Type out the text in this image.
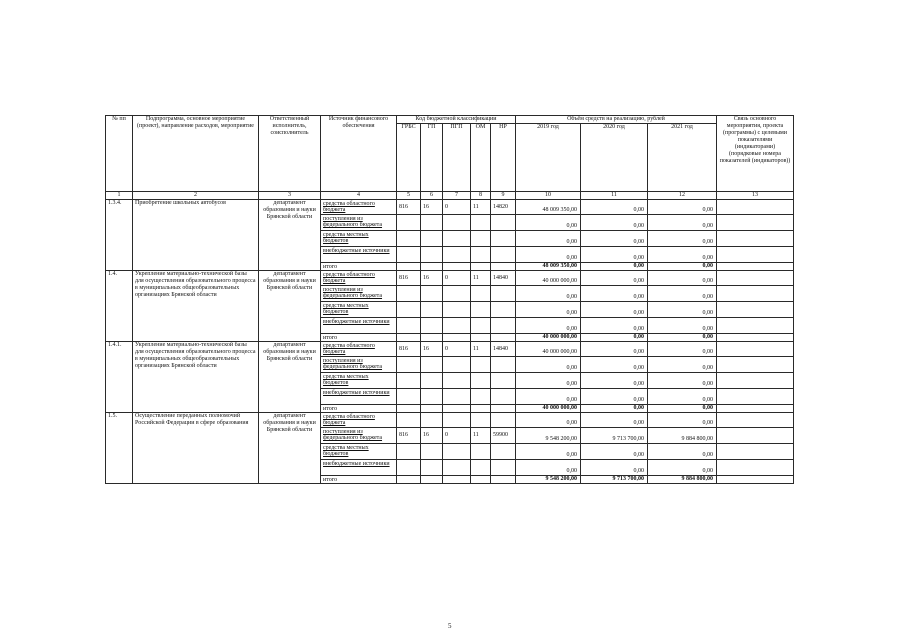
№ пп	Подпрограмма, основное мероприятие (проект), направление расходов, мероприятие	Ответственный исполнитель, соисполнитель	Источник финансового обеспечения	Код бюджетной классификации					Объём средств на реализацию, рублей			Связь основного мероприятия, проекта (программы) с целевыми показателями (индикаторами) (порядковые номера показателей (индикаторов))
				ГРБС	ГП	ПГП	ОМ	НР	2019 год	2020 год	2021 год	
1	2	3	4	5	6	7	8	9	10	11	12	13
1.3.4.	Приобретение школьных автобусов	департамент образования и науки Брянской области	средства областного бюджета	816	16	0	11	14820	48 009 350,00	0,00	0,00	
			поступления из федерального бюджета						0,00	0,00	0,00	
			средства местных бюджетов						0,00	0,00	0,00	
			внебюджетные источники						0,00	0,00	0,00	
			итого						48 009 350,00	0,00	0,00	
1.4.	Укрепление материально-технической базы для осуществления образовательного процесса в муниципальных общеобразовательных организациях Брянской области	департамент образования и науки Брянской области	средства областного бюджета	816	16	0	11	14840	40 000 000,00	0,00	0,00	
			поступления из федерального бюджета						0,00	0,00	0,00	
			средства местных бюджетов						0,00	0,00	0,00	
			внебюджетные источники						0,00	0,00	0,00	
			итого						40 000 000,00	0,00	0,00	
1.4.1.	Укрепление материально-технической базы для осуществления образовательного процесса в муниципальных общеобразовательных организациях Брянской области	департамент образования и науки Брянской области	средства областного бюджета	816	16	0	11	14840	40 000 000,00	0,00	0,00	
			поступления из федерального бюджета						0,00	0,00	0,00	
			средства местных бюджетов						0,00	0,00	0,00	
			внебюджетные источники						0,00	0,00	0,00	
			итого						40 000 000,00	0,00	0,00	
1.5.	Осуществление переданных полномочий Российской Федерации в сфере образования	департамент образования и науки Брянской области	средства областного бюджета						0,00	0,00	0,00	
			поступления из федерального бюджета	816	16	0	11	59900	9 548 200,00	9 713 700,00	9 884 800,00	
			средства местных бюджетов						0,00	0,00	0,00	
			внебюджетные источники						0,00	0,00	0,00	
			итого						9 548 200,00	9 713 700,00	9 884 800,00	
5
